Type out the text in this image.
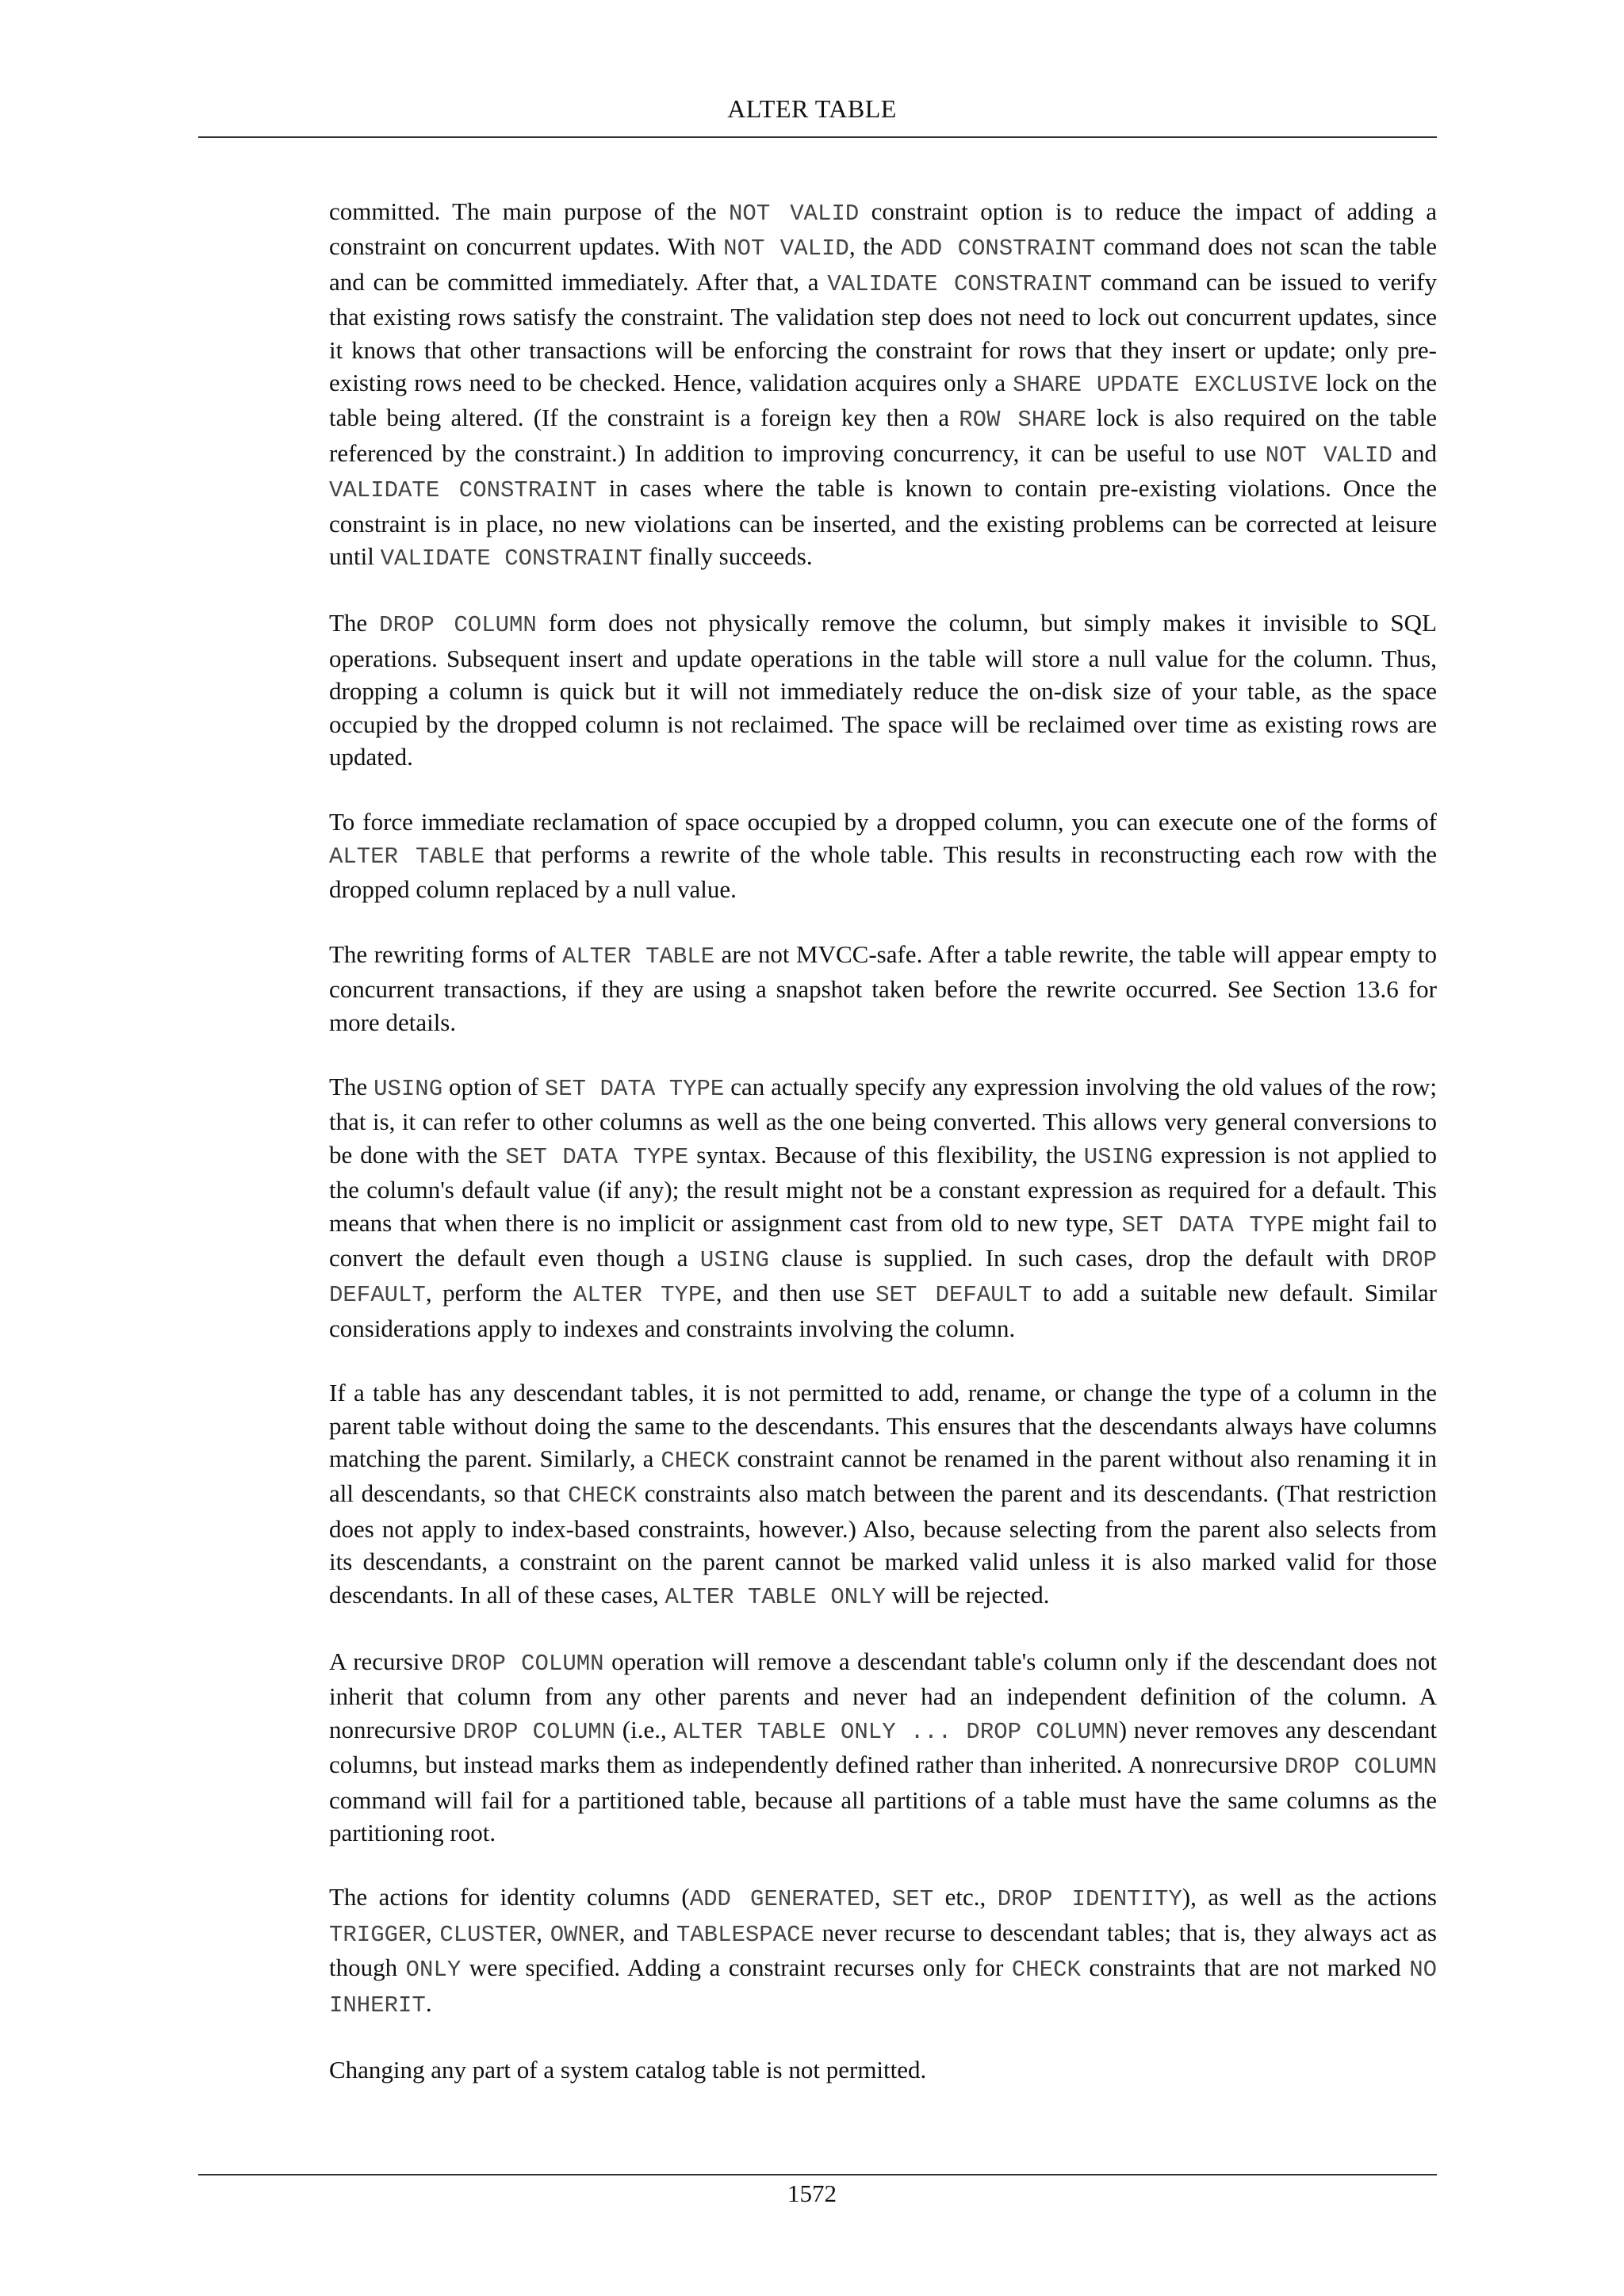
ALTER TABLE

committed. The main purpose of the NOT VALID constraint option is to reduce the impact of adding a constraint on concurrent updates. With NOT VALID, the ADD CONSTRAINT command does not scan the table and can be committed immediately. After that, a VALIDATE CONSTRAINT command can be issued to verify that existing rows satisfy the constraint. The validation step does not need to lock out concurrent updates, since it knows that other transactions will be enforcing the constraint for rows that they insert or update; only pre-existing rows need to be checked. Hence, validation acquires only a SHARE UPDATE EXCLUSIVE lock on the table being altered. (If the constraint is a foreign key then a ROW SHARE lock is also required on the table referenced by the constraint.) In addition to improving concurrency, it can be useful to use NOT VALID and VALIDATE CONSTRAINT in cases where the table is known to contain pre-existing violations. Once the constraint is in place, no new violations can be inserted, and the existing problems can be corrected at leisure until VALIDATE CONSTRAINT finally succeeds.

The DROP COLUMN form does not physically remove the column, but simply makes it invisible to SQL operations. Subsequent insert and update operations in the table will store a null value for the column. Thus, dropping a column is quick but it will not immediately reduce the on-disk size of your table, as the space occupied by the dropped column is not reclaimed. The space will be reclaimed over time as existing rows are updated.

To force immediate reclamation of space occupied by a dropped column, you can execute one of the forms of ALTER TABLE that performs a rewrite of the whole table. This results in reconstructing each row with the dropped column replaced by a null value.

The rewriting forms of ALTER TABLE are not MVCC-safe. After a table rewrite, the table will appear empty to concurrent transactions, if they are using a snapshot taken before the rewrite occurred. See Section 13.6 for more details.

The USING option of SET DATA TYPE can actually specify any expression involving the old values of the row; that is, it can refer to other columns as well as the one being converted. This allows very general conversions to be done with the SET DATA TYPE syntax. Because of this flexibility, the USING expression is not applied to the column's default value (if any); the result might not be a constant expression as required for a default. This means that when there is no implicit or assignment cast from old to new type, SET DATA TYPE might fail to convert the default even though a USING clause is supplied. In such cases, drop the default with DROP DEFAULT, perform the ALTER TYPE, and then use SET DEFAULT to add a suitable new default. Similar considerations apply to indexes and constraints involving the column.

If a table has any descendant tables, it is not permitted to add, rename, or change the type of a column in the parent table without doing the same to the descendants. This ensures that the descendants always have columns matching the parent. Similarly, a CHECK constraint cannot be renamed in the parent without also renaming it in all descendants, so that CHECK constraints also match between the parent and its descendants. (That restriction does not apply to index-based constraints, however.) Also, because selecting from the parent also selects from its descendants, a constraint on the parent cannot be marked valid unless it is also marked valid for those descendants. In all of these cases, ALTER TABLE ONLY will be rejected.

A recursive DROP COLUMN operation will remove a descendant table's column only if the descendant does not inherit that column from any other parents and never had an independent definition of the column. A nonrecursive DROP COLUMN (i.e., ALTER TABLE ONLY ... DROP COLUMN) never removes any descendant columns, but instead marks them as independently defined rather than inherited. A nonrecursive DROP COLUMN command will fail for a partitioned table, because all partitions of a table must have the same columns as the partitioning root.

The actions for identity columns (ADD GENERATED, SET etc., DROP IDENTITY), as well as the actions TRIGGER, CLUSTER, OWNER, and TABLESPACE never recurse to descendant tables; that is, they always act as though ONLY were specified. Adding a constraint recurses only for CHECK constraints that are not marked NO INHERIT.

Changing any part of a system catalog table is not permitted.

1572
